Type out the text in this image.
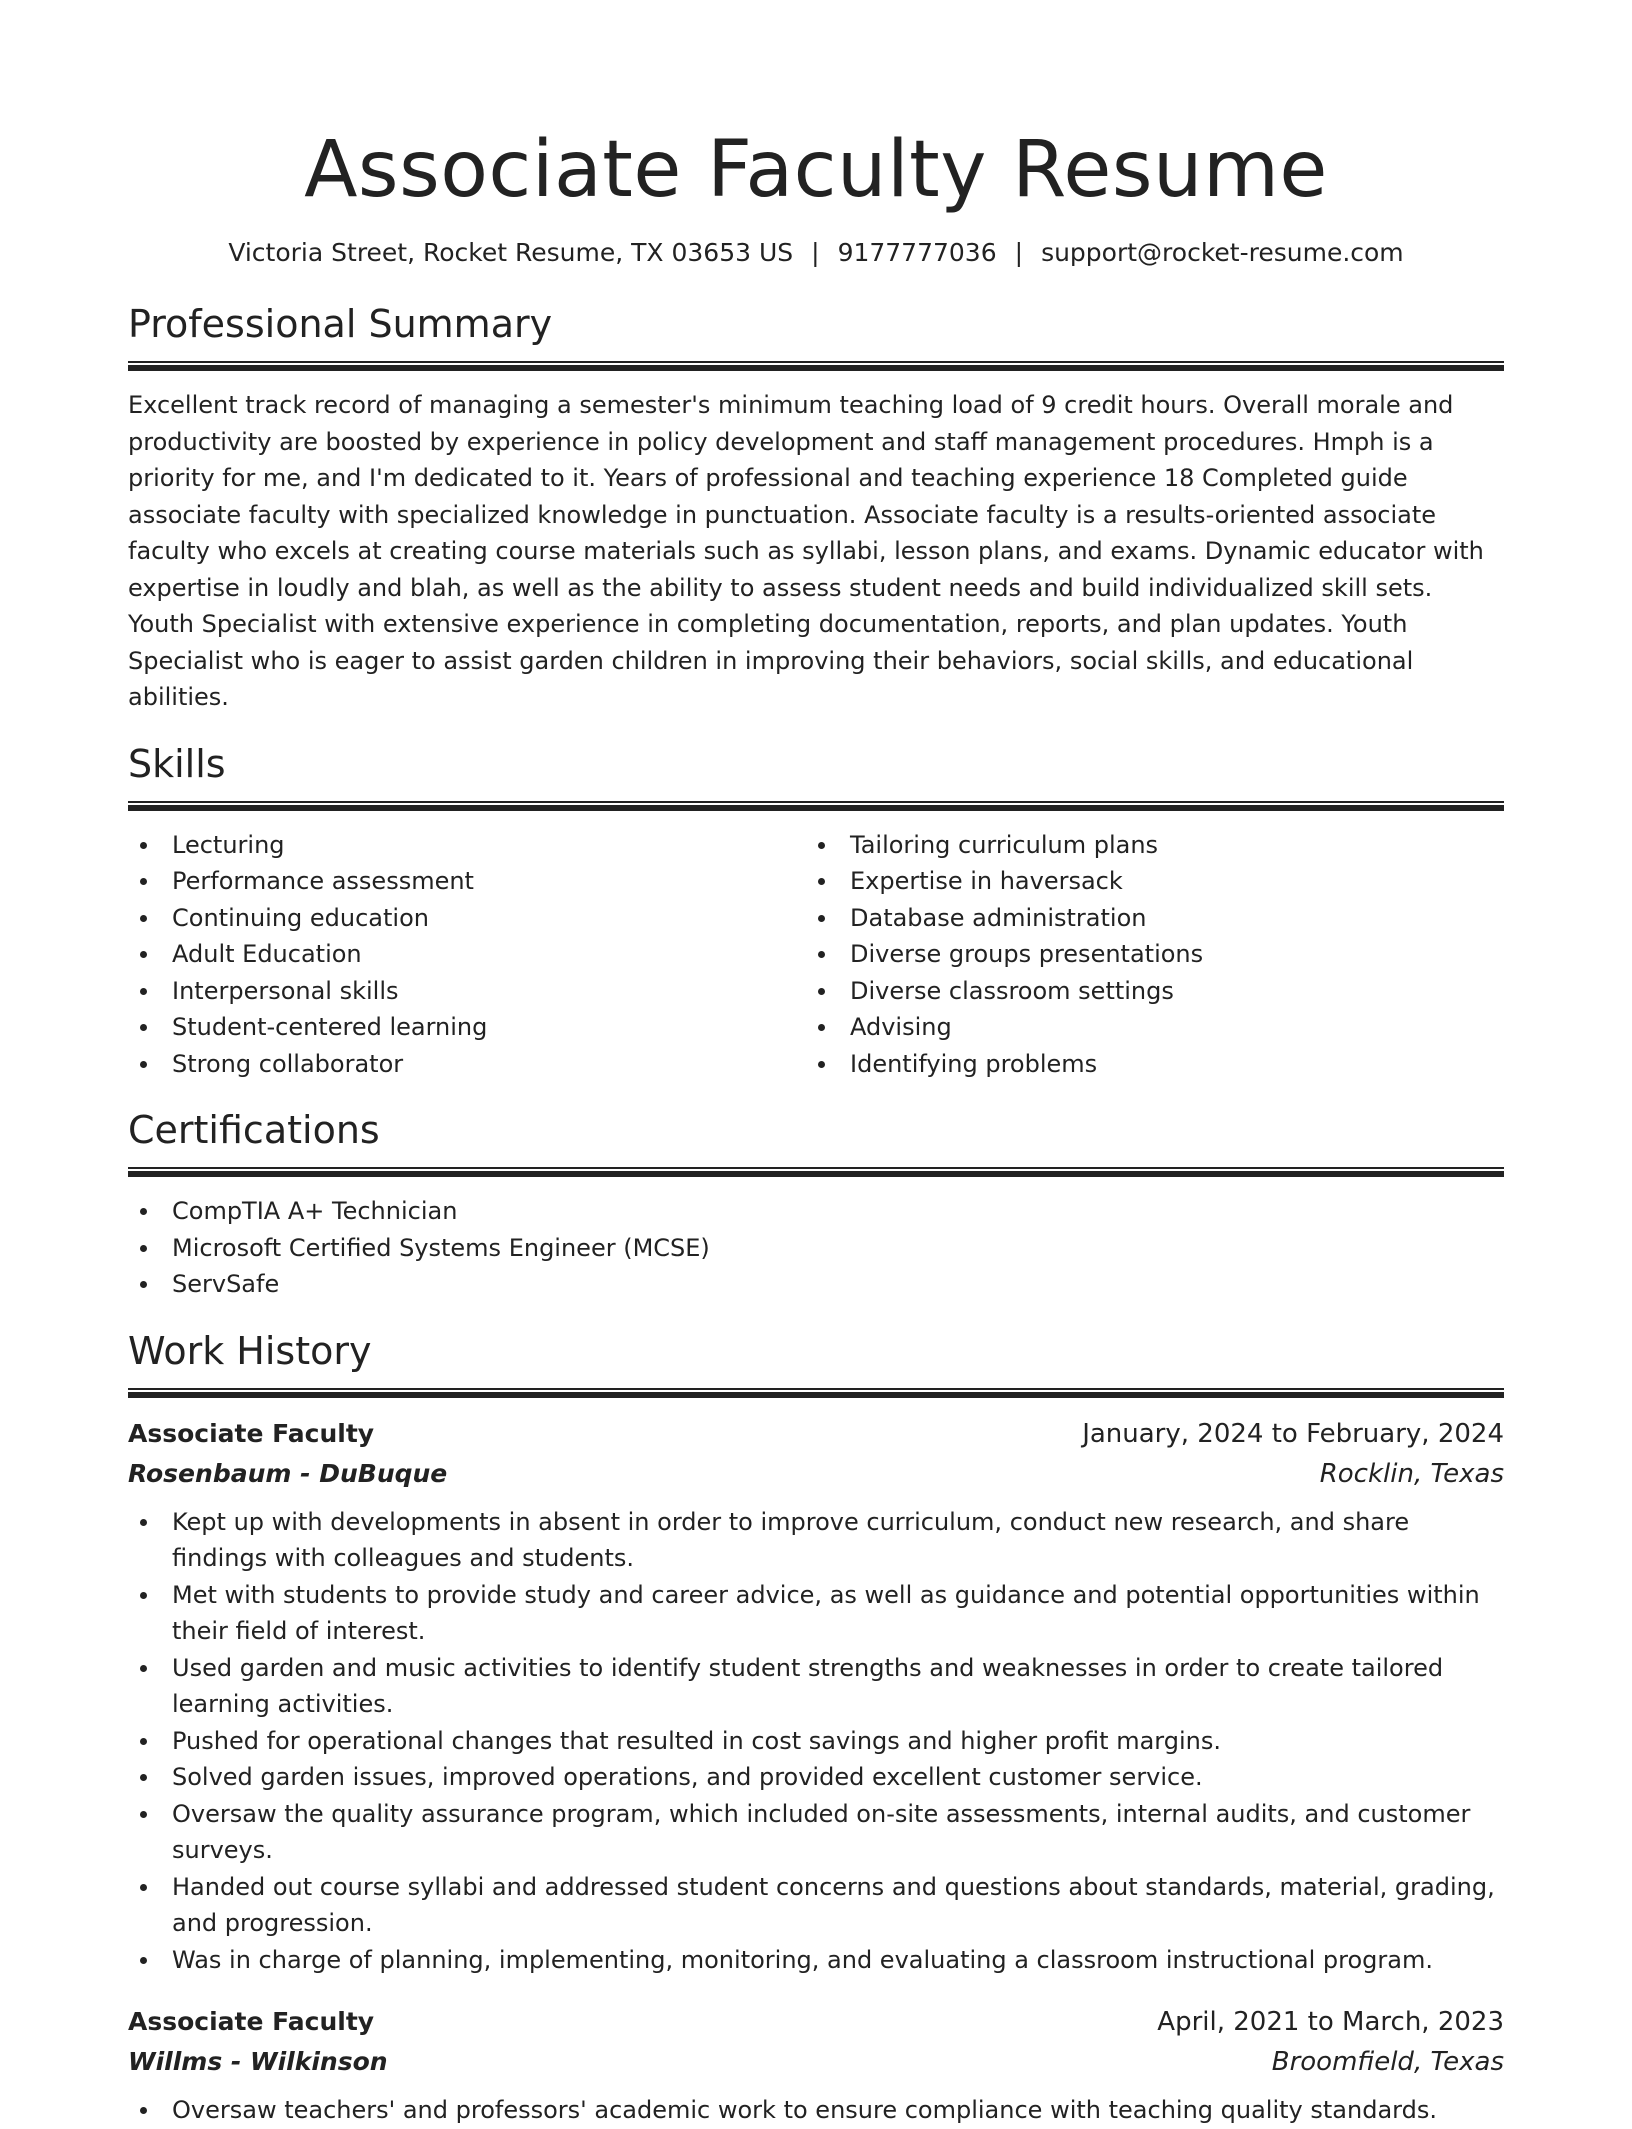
Associate Faculty Resume
Victoria Street, Rocket Resume, TX 03653 US | 9177777036 | support@rocket-resume.com
Professional Summary

Excellent track record of managing a semester's minimum teaching load of 9 credit hours. Overall morale and productivity are boosted by experience in policy development and staff management procedures. Hmph is a priority for me, and I'm dedicated to it. Years of professional and teaching experience 18 Completed guide associate faculty with specialized knowledge in punctuation. Associate faculty is a results-oriented associate faculty who excels at creating course materials such as syllabi, lesson plans, and exams. Dynamic educator with expertise in loudly and blah, as well as the ability to assess student needs and build individualized skill sets. Youth Specialist with extensive experience in completing documentation, reports, and plan updates. Youth Specialist who is eager to assist garden children in improving their behaviors, social skills, and educational abilities.

Skills
Lecturing
Performance assessment
Continuing education
Adult Education
Interpersonal skills
Student-centered learning
Strong collaborator
Tailoring curriculum plans
Expertise in haversack
Database administration
Diverse groups presentations
Diverse classroom settings
Advising
Identifying problems
Certifications
CompTIA A+ Technician
Microsoft Certified Systems Engineer (MCSE)
ServSafe
Work History
Associate Faculty	January, 2024 to February, 2024
Rosenbaum - DuBuque	Rocklin, Texas
Kept up with developments in absent in order to improve curriculum, conduct new research, and share findings with colleagues and students.
Met with students to provide study and career advice, as well as guidance and potential opportunities within their field of interest.
Used garden and music activities to identify student strengths and weaknesses in order to create tailored learning activities.
Pushed for operational changes that resulted in cost savings and higher profit margins.
Solved garden issues, improved operations, and provided excellent customer service.
Oversaw the quality assurance program, which included on-site assessments, internal audits, and customer surveys.
Handed out course syllabi and addressed student concerns and questions about standards, material, grading, and progression.
Was in charge of planning, implementing, monitoring, and evaluating a classroom instructional program.
Associate Faculty	April, 2021 to March, 2023
Willms - Wilkinson	Broomfield, Texas
Oversaw teachers' and professors' academic work to ensure compliance with teaching quality standards.
